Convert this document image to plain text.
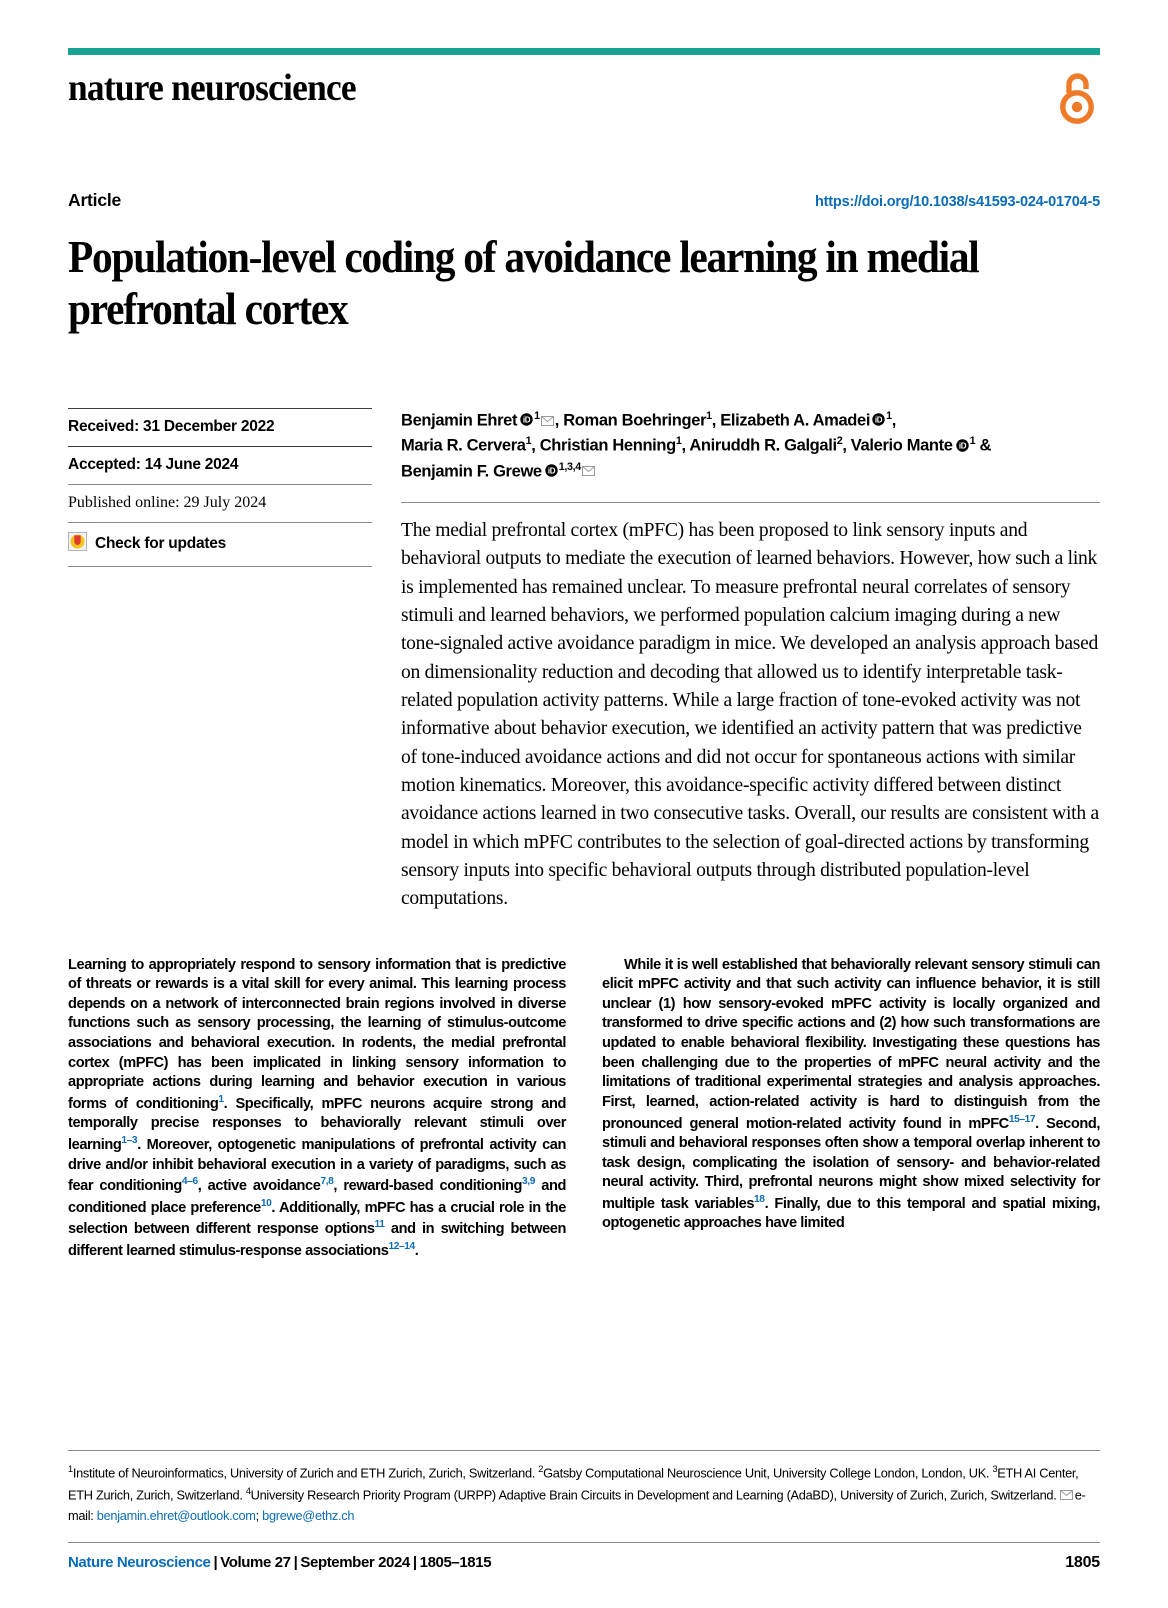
nature neuroscience
Article	https://doi.org/10.1038/s41593-024-01704-5
Population-level coding of avoidance learning in medial prefrontal cortex
Received: 31 December 2022
Accepted: 14 June 2024
Published online: 29 July 2024
Check for updates
Benjamin Ehret iD $^1$ , Roman Boehringer$^1$, Elizabeth A. Amadei iD $^1$,
Maria R. Cervera$^1$, Christian Henning$^1$, Aniruddh R. Galgali$^2$, Valerio Mante iD $^1$ &
Benjamin F. Grewe iD $^{1,3,4}$
The medial prefrontal cortex (mPFC) has been proposed to link sensory inputs and behavioral outputs to mediate the execution of learned behaviors. However, how such a link is implemented has remained unclear. To measure prefrontal neural correlates of sensory stimuli and learned behaviors, we performed population calcium imaging during a new tone-signaled active avoidance paradigm in mice. We developed an analysis approach based on dimensionality reduction and decoding that allowed us to identify interpretable task-related population activity patterns. While a large fraction of tone-evoked activity was not informative about behavior execution, we identified an activity pattern that was predictive of tone-induced avoidance actions and did not occur for spontaneous actions with similar motion kinematics. Moreover, this avoidance-specific activity differed between distinct avoidance actions learned in two consecutive tasks. Overall, our results are consistent with a model in which mPFC contributes to the selection of goal-directed actions by transforming sensory inputs into specific behavioral outputs through distributed population-level computations.

Learning to appropriately respond to sensory information that is predictive of threats or rewards is a vital skill for every animal. This learning process depends on a network of interconnected brain regions involved in diverse functions such as sensory processing, the learning of stimulus-outcome associations and behavioral execution. In rodents, the medial prefrontal cortex (mPFC) has been implicated in linking sensory information to appropriate actions during learning and behavior execution in various forms of conditioning$^1$. Specifically, mPFC neurons acquire strong and temporally precise responses to behaviorally relevant stimuli over learning$^{1-3}$. Moreover, optogenetic manipulations of prefrontal activity can drive and/or inhibit behavioral execution in a variety of paradigms, such as fear conditioning$^{4-6}$, active avoidance$^{7,8}$, reward-based conditioning$^{3,9}$ and conditioned place preference$^{10}$. Additionally, mPFC has a crucial role in the selection between different response options$^{11}$ and in switching between different learned stimulus-response associations$^{12-14}$.

While it is well established that behaviorally relevant sensory stimuli can elicit mPFC activity and that such activity can influence behavior, it is still unclear (1) how sensory-evoked mPFC activity is locally organized and transformed to drive specific actions and (2) how such transformations are updated to enable behavioral flexibility. Investigating these questions has been challenging due to the properties of mPFC neural activity and the limitations of traditional experimental strategies and analysis approaches. First, learned, action-related activity is hard to distinguish from the pronounced general motion-related activity found in mPFC$^{15-17}$. Second, stimuli and behavioral responses often show a temporal overlap inherent to task design, complicating the isolation of sensory- and behavior-related neural activity. Third, prefrontal neurons might show mixed selectivity for multiple task variables$^{18}$. Finally, due to this temporal and spatial mixing, optogenetic approaches have limited

$^1$Institute of Neuroinformatics, University of Zurich and ETH Zurich, Zurich, Switzerland. $^2$Gatsby Computational Neuroscience Unit, University College London, London, UK. $^3$ETH AI Center, ETH Zurich, Zurich, Switzerland. $^4$University Research Priority Program (URPP) Adaptive Brain Circuits in Development and Learning (AdaBD), University of Zurich, Zurich, Switzerland. e-mail: benjamin.ehret@outlook.com; bgrewe@ethz.ch
Nature Neuroscience | Volume 27 | September 2024 | 1805–1815	1805
